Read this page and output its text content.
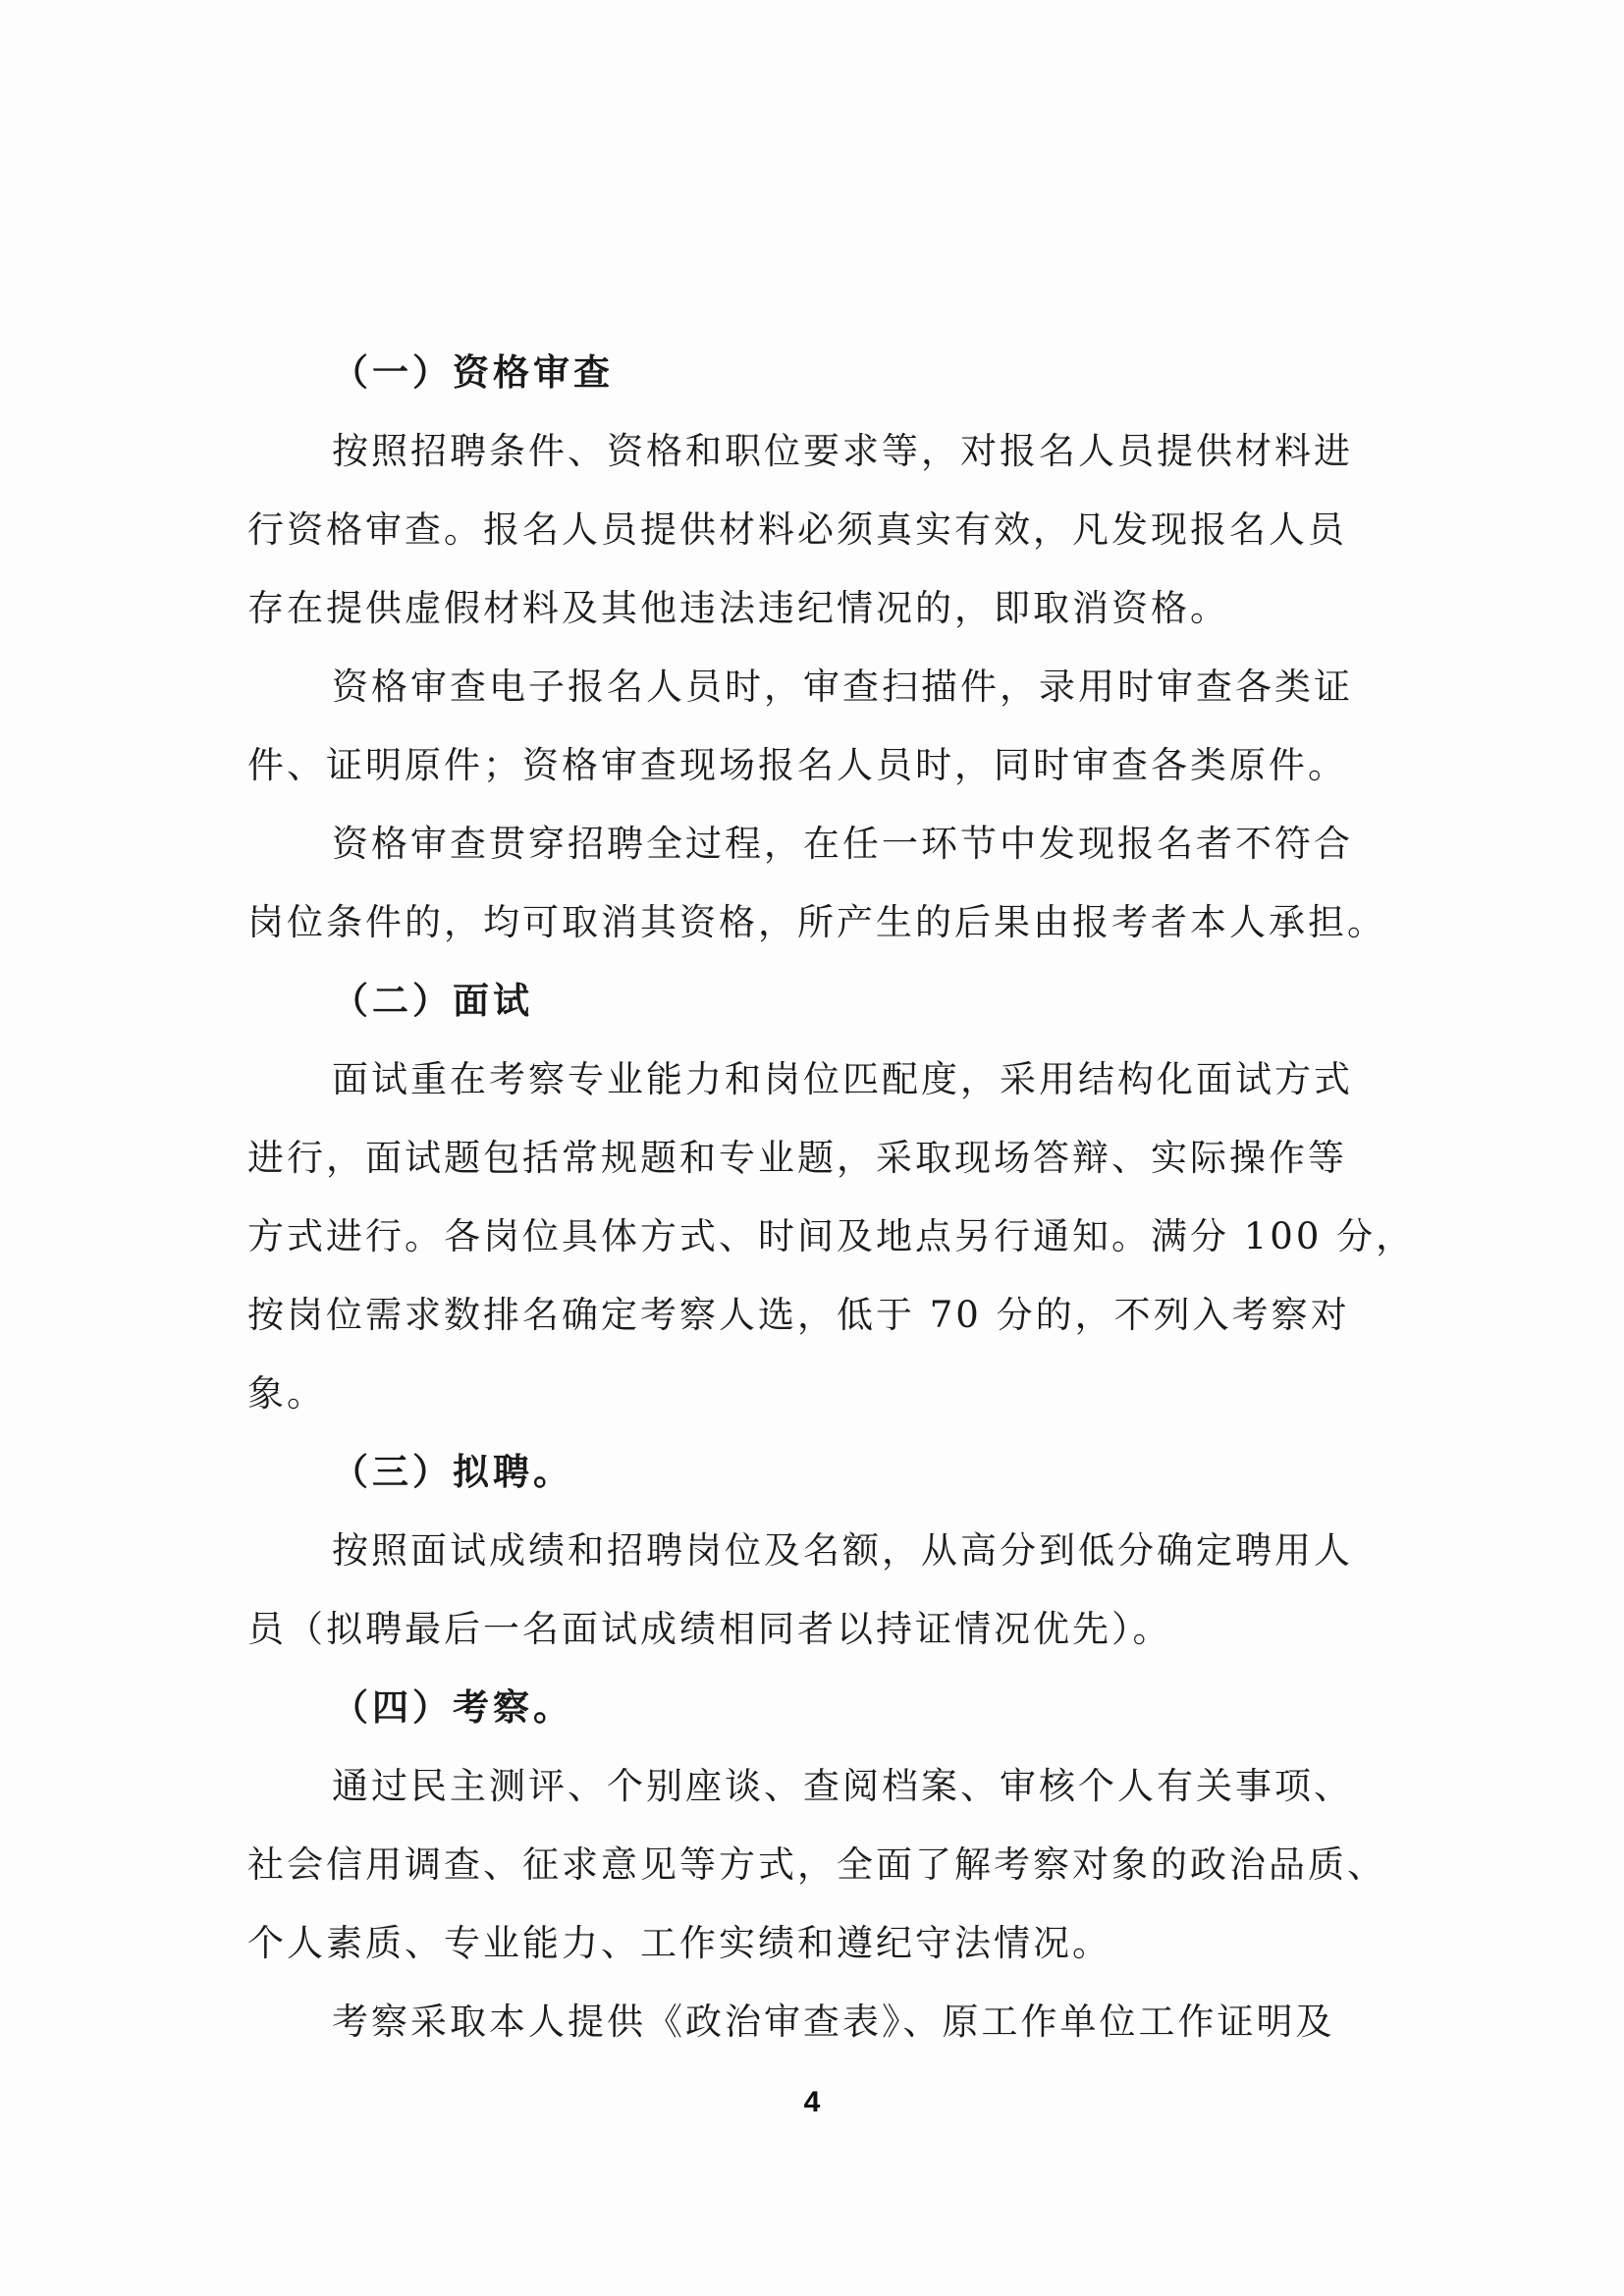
（一）资格审查

按照招聘条件、资格和职位要求等，对报名人员提供材料进

行资格审查。报名人员提供材料必须真实有效，凡发现报名人员

存在提供虚假材料及其他违法违纪情况的，即取消资格。

资格审查电子报名人员时，审查扫描件，录用时审查各类证

件、证明原件；资格审查现场报名人员时，同时审查各类原件。

资格审查贯穿招聘全过程，在任一环节中发现报名者不符合

岗位条件的，均可取消其资格，所产生的后果由报考者本人承担。

（二）面试

面试重在考察专业能力和岗位匹配度，采用结构化面试方式

进行，面试题包括常规题和专业题，采取现场答辩、实际操作等

方式进行。各岗位具体方式、时间及地点另行通知。满分 100 分，

按岗位需求数排名确定考察人选，低于 70 分的，不列入考察对

象。

（三）拟聘。

按照面试成绩和招聘岗位及名额，从高分到低分确定聘用人

员（拟聘最后一名面试成绩相同者以持证情况优先）。

（四）考察。

通过民主测评、个别座谈、查阅档案、审核个人有关事项、

社会信用调查、征求意见等方式，全面了解考察对象的政治品质、

个人素质、专业能力、工作实绩和遵纪守法情况。

考察采取本人提供《政治审查表》、原工作单位工作证明及

4
